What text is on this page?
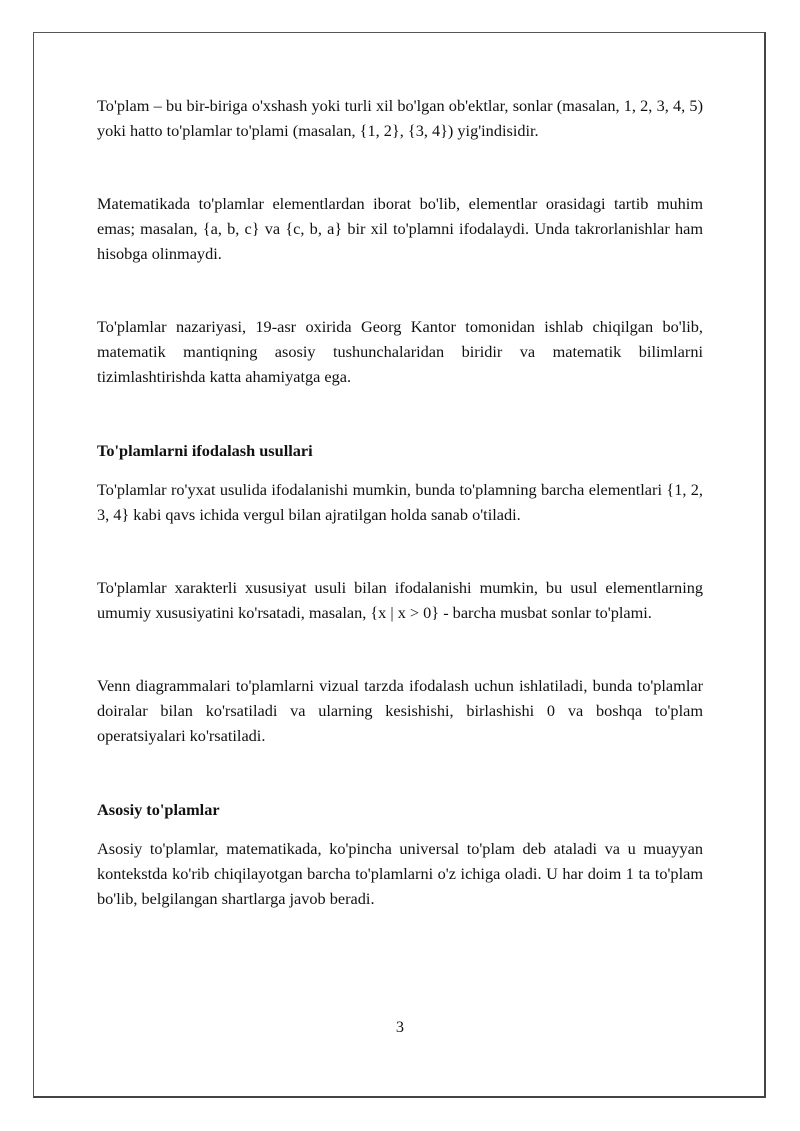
To'plam – bu bir-biriga o'xshash yoki turli xil bo'lgan ob'ektlar, sonlar (masalan, 1, 2, 3, 4, 5) yoki hatto to'plamlar to'plami (masalan, {1, 2}, {3, 4}) yig'indisidir.

Matematikada to'plamlar elementlardan iborat bo'lib, elementlar orasidagi tartib muhim emas; masalan, {a, b, c} va {c, b, a} bir xil to'plamni ifodalaydi. Unda takrorlanishlar ham hisobga olinmaydi.

To'plamlar nazariyasi, 19-asr oxirida Georg Kantor tomonidan ishlab chiqilgan bo'lib, matematik mantiqning asosiy tushunchalaridan biridir va matematik bilimlarni tizimlashtirishda katta ahamiyatga ega.

To'plamlarni ifodalash usullari

To'plamlar ro'yxat usulida ifodalanishi mumkin, bunda to'plamning barcha elementlari {1, 2, 3, 4} kabi qavs ichida vergul bilan ajratilgan holda sanab o'tiladi.

To'plamlar xarakterli xususiyat usuli bilan ifodalanishi mumkin, bu usul elementlarning umumiy xususiyatini ko'rsatadi, masalan, {x | x > 0} - barcha musbat sonlar to'plami.

Venn diagrammalari to'plamlarni vizual tarzda ifodalash uchun ishlatiladi, bunda to'plamlar doiralar bilan ko'rsatiladi va ularning kesishishi, birlashishi 0 va boshqa to'plam operatsiyalari ko'rsatiladi.

Asosiy to'plamlar

Asosiy to'plamlar, matematikada, ko'pincha universal to'plam deb ataladi va u muayyan kontekstda ko'rib chiqilayotgan barcha to'plamlarni o'z ichiga oladi. U har doim 1 ta to'plam bo'lib, belgilangan shartlarga javob beradi.

3
